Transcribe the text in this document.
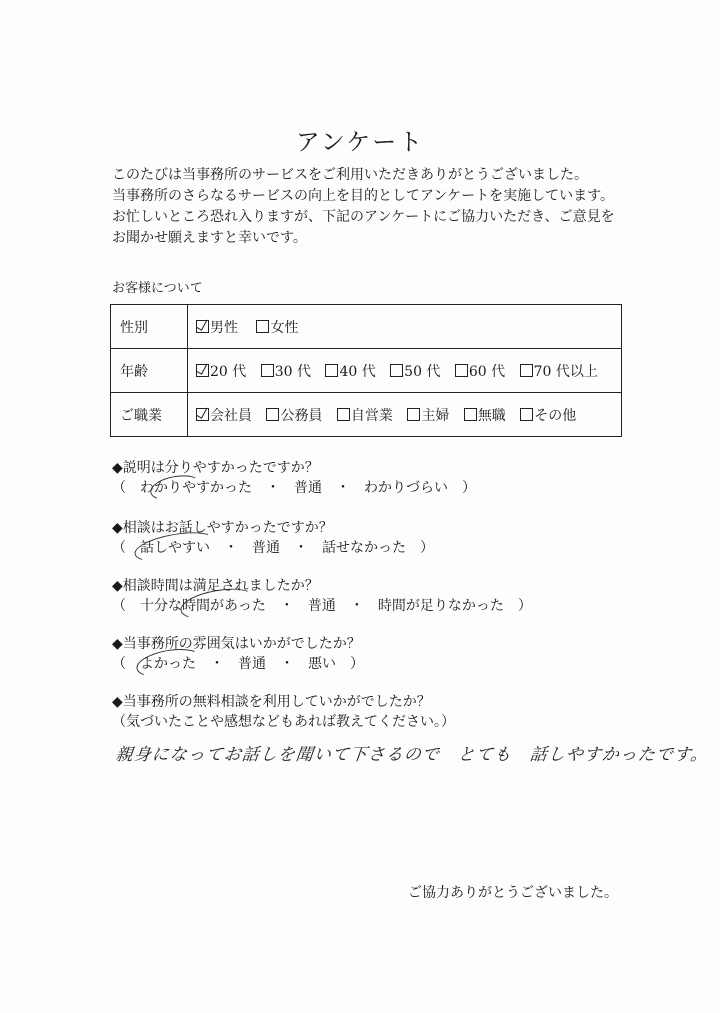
アンケート
このたびは当事務所のサービスをご利用いただきありがとうございました。
当事務所のさらなるサービスの向上を目的としてアンケートを実施しています。
お忙しいところ恐れ入りますが、下記のアンケートにご協力いただき、ご意見を
お聞かせ願えますと幸いです。
お客様について
性別	男性 女性
年齢	20 代 30 代 40 代 50 代 60 代 70 代以上
ご職業	会社員 公務員 自営業 主婦 無職 その他
◆説明は分りやすかったですか？
（　わかりやすかった　・　普通　・　わかりづらい　）
◆相談はお話しやすかったですか？
（　話しやすい　・　普通　・　話せなかった　）
◆相談時間は満足されましたか？
（　十分な時間があった　・　普通　・　時間が足りなかった　）
◆当事務所の雰囲気はいかがでしたか？
（　よかった　・　普通　・　悪い　）
◆当事務所の無料相談を利用していかがでしたか？
（気づいたことや感想などもあれば教えてください。）
親身になってお話しを聞いて下さるので　とても　話しやすかったです。
ご協力ありがとうございました。
